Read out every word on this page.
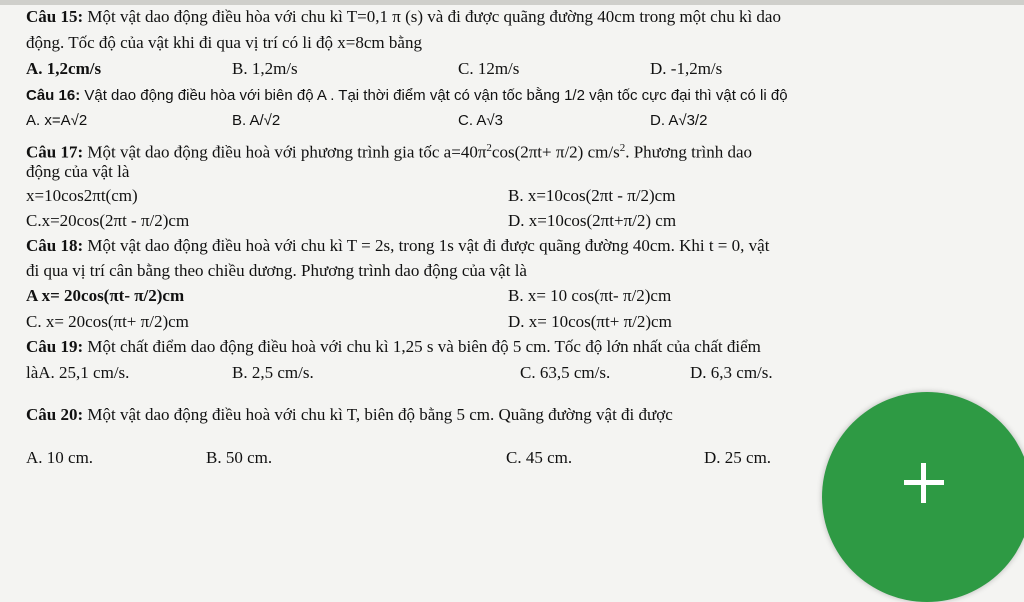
Câu 15: Một vật dao động điều hòa với chu kì T=0,1 π (s) và đi được quãng đường 40cm trong một chu kì dao
động. Tốc độ của vật khi đi qua vị trí có li độ x=8cm bằng
A. 1,2cm/s	B. 1,2m/s	C. 12m/s	D. -1,2m/s
Câu 16: Vật dao động điều hòa với biên độ A . Tại thời điểm vật có vận tốc bằng 1/2 vận tốc cực đại thì vật có li độ
A. x=A√2	B. A/√2	C. A√3	D. A√3/2
Câu 17: Một vật dao động điều hoà với phương trình gia tốc $a=40\pi^2\cos(2\pi t+ \pi/2)$ $cm/s^2$. Phương trình dao
động của vật là
x=10cos2πt(cm)	B. x=10cos(2πt - π/2)cm
C.x=20cos(2πt - π/2)cm	D. x=10cos(2πt+π/2) cm
Câu 18: Một vật dao động điều hoà với chu kì T = 2s, trong 1s vật đi được quãng đường 40cm. Khi t = 0, vật
đi qua vị trí cân bằng theo chiều dương. Phương trình dao động của vật là
A x= 20cos(πt- π/2)cm	B. x= 10 cos(πt- π/2)cm
C. x= 20cos(πt+ π/2)cm	D. x= 10cos(πt+ π/2)cm
Câu 19: Một chất điểm dao động điều hoà với chu kì 1,25 s và biên độ 5 cm. Tốc độ lớn nhất của chất điểm
làA. 25,1 cm/s.	B. 2,5 cm/s.	C. 63,5 cm/s.	D. 6,3 cm/s.
Câu 20: Một vật dao động điều hoà với chu kì T, biên độ bằng 5 cm. Quãng đường vật đi được
A. 10 cm.	B. 50 cm.	C. 45 cm.	D. 25 cm.
